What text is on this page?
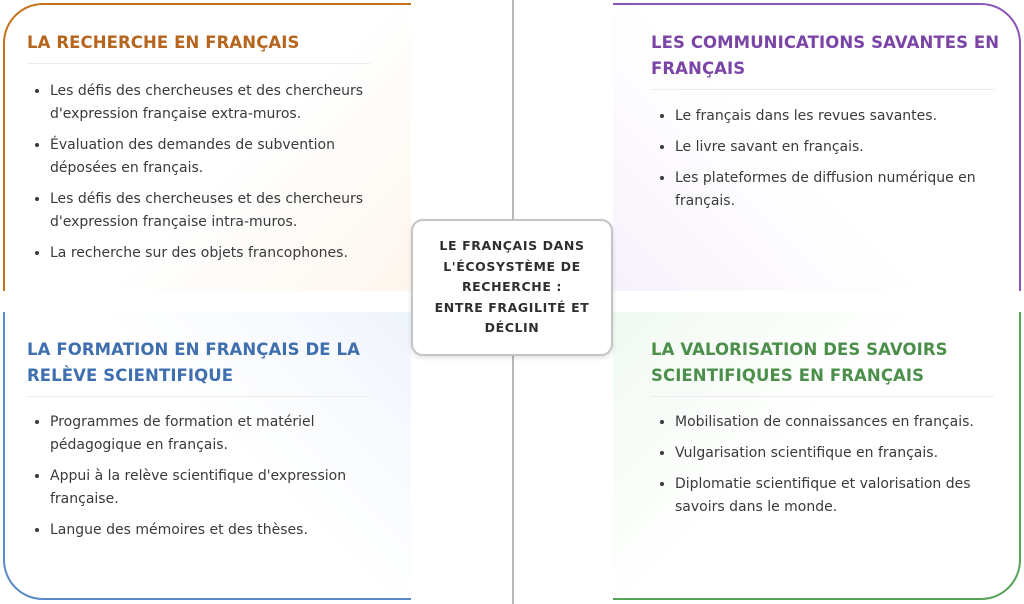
LA RECHERCHE EN FRANÇAIS
• Les défis des chercheuses et des chercheurs d'expression française extra-muros.
• Évaluation des demandes de subvention déposées en français.
• Les défis des chercheuses et des chercheurs d'expression française intra-muros.
• La recherche sur des objets francophones.
LES COMMUNICATIONS SAVANTES EN FRANÇAIS
• Le français dans les revues savantes.
• Le livre savant en français.
• Les plateformes de diffusion numérique en français.
LA FORMATION EN FRANÇAIS DE LA RELÈVE SCIENTIFIQUE
• Programmes de formation et matériel pédagogique en français.
• Appui à la relève scientifique d'expression française.
• Langue des mémoires et des thèses.
LA VALORISATION DES SAVOIRS SCIENTIFIQUES EN FRANÇAIS
• Mobilisation de connaissances en français.
• Vulgarisation scientifique en français.
• Diplomatie scientifique et valorisation des savoirs dans le monde.

LE FRANÇAIS DANS
L'ÉCOSYSTÈME DE
RECHERCHE :
ENTRE FRAGILITÉ ET
DÉCLIN
